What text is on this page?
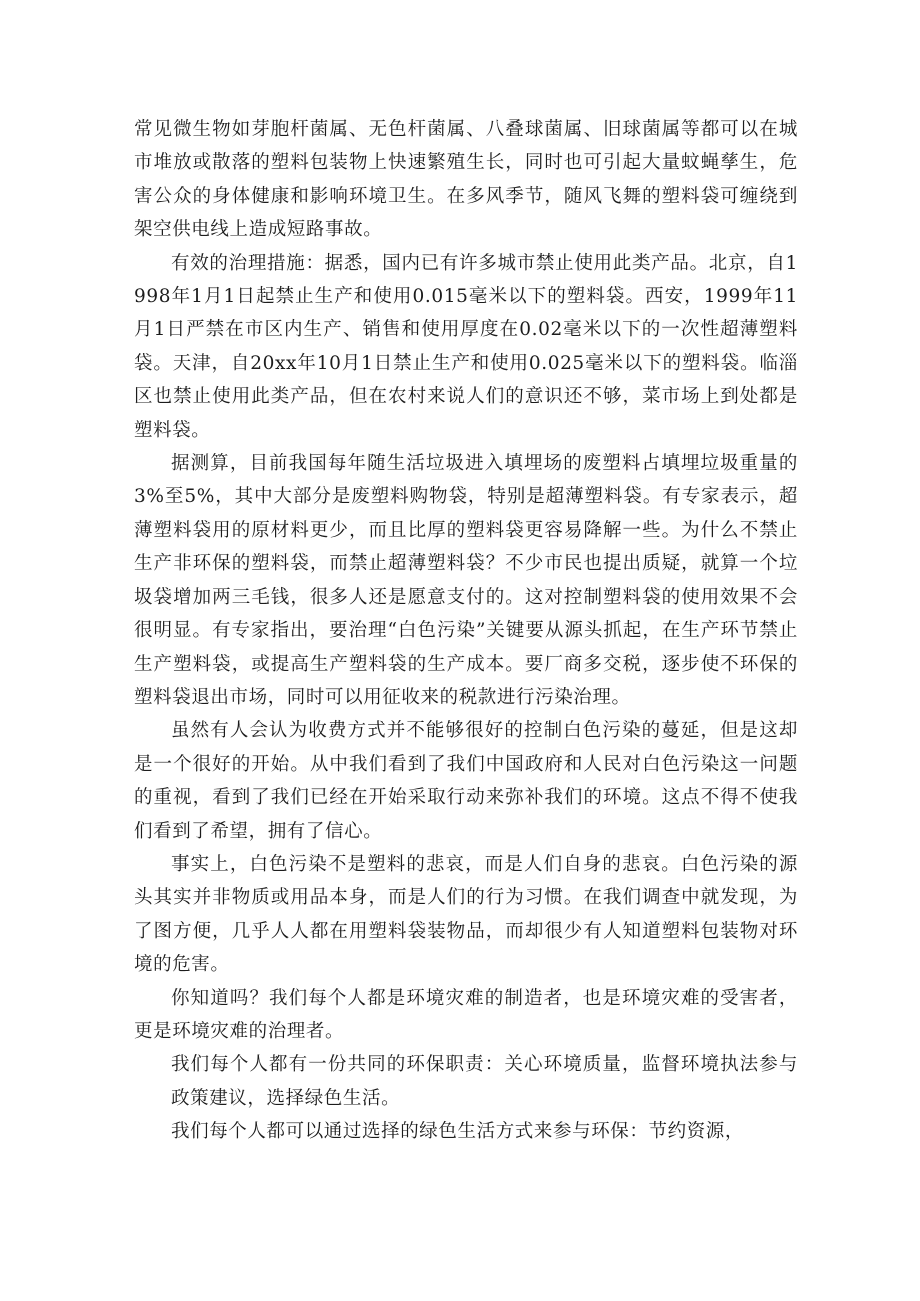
常见微生物如芽胞杆菌属、无色杆菌属、八叠球菌属、旧球菌属等都可以在城市堆放或散落的塑料包装物上快速繁殖生长，同时也可引起大量蚊蝇孳生，危害公众的身体健康和影响环境卫生。在多风季节，随风飞舞的塑料袋可缠绕到架空供电线上造成短路事故。

有效的治理措施：据悉，国内已有许多城市禁止使用此类产品。北京，自1998年1月1日起禁止生产和使用0.015毫米以下的塑料袋。西安，1999年11月1日严禁在市区内生产、销售和使用厚度在0.02毫米以下的一次性超薄塑料袋。天津，自20xx年10月1日禁止生产和使用0.025毫米以下的塑料袋。临淄区也禁止使用此类产品，但在农村来说人们的意识还不够，菜市场上到处都是塑料袋。

据测算，目前我国每年随生活垃圾进入填埋场的废塑料占填埋垃圾重量的3%至5%，其中大部分是废塑料购物袋，特别是超薄塑料袋。有专家表示，超薄塑料袋用的原材料更少，而且比厚的塑料袋更容易降解一些。为什么不禁止生产非环保的塑料袋，而禁止超薄塑料袋？不少市民也提出质疑，就算一个垃圾袋增加两三毛钱，很多人还是愿意支付的。这对控制塑料袋的使用效果不会很明显。有专家指出，要治理“白色污染”关键要从源头抓起，在生产环节禁止生产塑料袋，或提高生产塑料袋的生产成本。要厂商多交税，逐步使不环保的塑料袋退出市场，同时可以用征收来的税款进行污染治理。

虽然有人会认为收费方式并不能够很好的控制白色污染的蔓延，但是这却是一个很好的开始。从中我们看到了我们中国政府和人民对白色污染这一问题的重视，看到了我们已经在开始采取行动来弥补我们的环境。这点不得不使我们看到了希望，拥有了信心。

事实上，白色污染不是塑料的悲哀，而是人们自身的悲哀。白色污染的源头其实并非物质或用品本身，而是人们的行为习惯。在我们调查中就发现，为了图方便，几乎人人都在用塑料袋装物品，而却很少有人知道塑料包装物对环境的危害。

你知道吗？我们每个人都是环境灾难的制造者，也是环境灾难的受害者，更是环境灾难的治理者。

我们每个人都有一份共同的环保职责：关心环境质量，监督环境执法参与政策建议，选择绿色生活。

我们每个人都可以通过选择的绿色生活方式来参与环保：节约资源，
